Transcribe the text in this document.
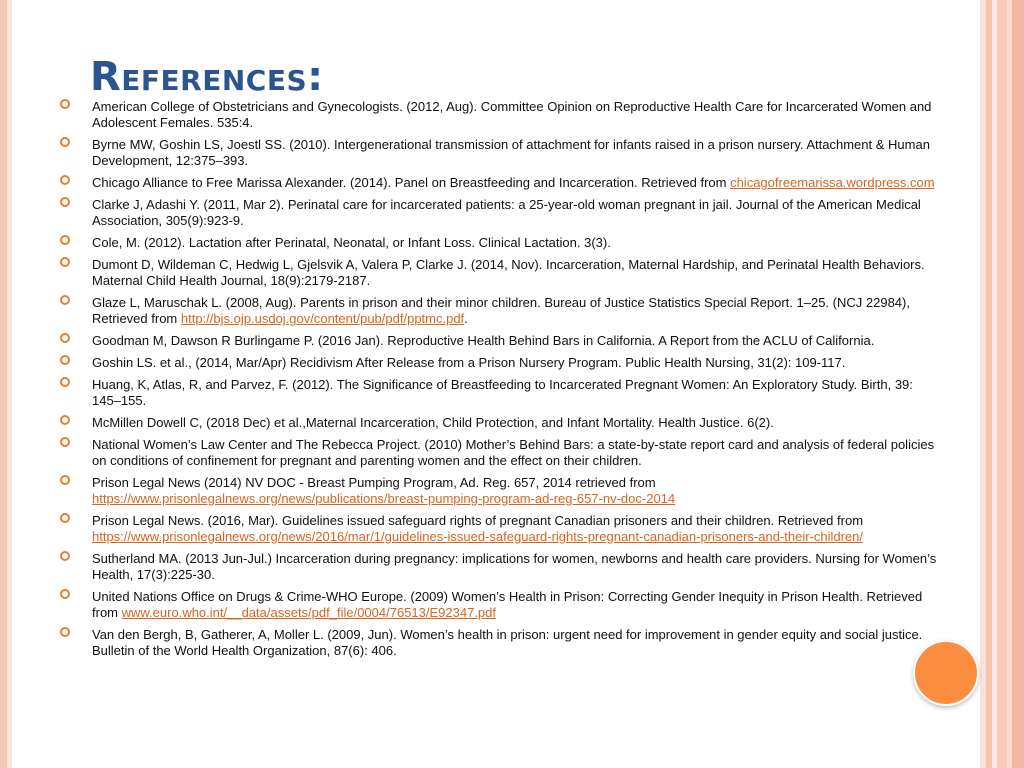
References:
American College of Obstetricians and Gynecologists. (2012, Aug). Committee Opinion on Reproductive Health Care for Incarcerated Women and Adolescent Females. 535:4.
Byrne MW, Goshin LS, Joestl SS. (2010). Intergenerational transmission of attachment for infants raised in a prison nursery. Attachment & Human Development, 12:375–393.
Chicago Alliance to Free Marissa Alexander. (2014). Panel on Breastfeeding and Incarceration. Retrieved from chicagofreemarissa.wordpress.com
Clarke J, Adashi Y. (2011, Mar 2). Perinatal care for incarcerated patients: a 25-year-old woman pregnant in jail. Journal of the American Medical Association, 305(9):923-9.
Cole, M. (2012). Lactation after Perinatal, Neonatal, or Infant Loss. Clinical Lactation. 3(3).
Dumont D, Wildeman C, Hedwig L, Gjelsvik A, Valera P, Clarke J. (2014, Nov). Incarceration, Maternal Hardship, and Perinatal Health Behaviors. Maternal Child Health Journal, 18(9):2179-2187.
Glaze L, Maruschak L. (2008, Aug). Parents in prison and their minor children. Bureau of Justice Statistics Special Report. 1–25. (NCJ 22984), Retrieved from http://bjs.ojp.usdoj.gov/content/pub/pdf/pptmc.pdf.
Goodman M, Dawson R Burlingame P. (2016 Jan). Reproductive Health Behind Bars in California. A Report from the ACLU of California.
Goshin LS. et al., (2014, Mar/Apr) Recidivism After Release from a Prison Nursery Program. Public Health Nursing, 31(2): 109-117.
Huang, K, Atlas, R, and Parvez, F. (2012). The Significance of Breastfeeding to Incarcerated Pregnant Women: An Exploratory Study. Birth, 39: 145–155.
McMillen Dowell C, (2018 Dec) et al.,Maternal Incarceration, Child Protection, and Infant Mortality. Health Justice. 6(2).
National Women’s Law Center and The Rebecca Project. (2010) Mother’s Behind Bars: a state-by-state report card and analysis of federal policies on conditions of confinement for pregnant and parenting women and the effect on their children.
Prison Legal News (2014) NV DOC - Breast Pumping Program, Ad. Reg. 657, 2014 retrieved from https://www.prisonlegalnews.org/news/publications/breast-pumping-program-ad-reg-657-nv-doc-2014
Prison Legal News. (2016, Mar). Guidelines issued safeguard rights of pregnant Canadian prisoners and their children. Retrieved from https://www.prisonlegalnews.org/news/2016/mar/1/guidelines-issued-safeguard-rights-pregnant-canadian-prisoners-and-their-children/
Sutherland MA. (2013 Jun-Jul.) Incarceration during pregnancy: implications for women, newborns and health care providers. Nursing for Women’s Health, 17(3):225-30.
United Nations Office on Drugs & Crime-WHO Europe. (2009) Women’s Health in Prison: Correcting Gender Inequity in Prison Health. Retrieved from www.euro.who.int/__data/assets/pdf_file/0004/76513/E92347.pdf
Van den Bergh, B, Gatherer, A, Moller L. (2009, Jun). Women’s health in prison: urgent need for improvement in gender equity and social justice. Bulletin of the World Health Organization, 87(6): 406.
